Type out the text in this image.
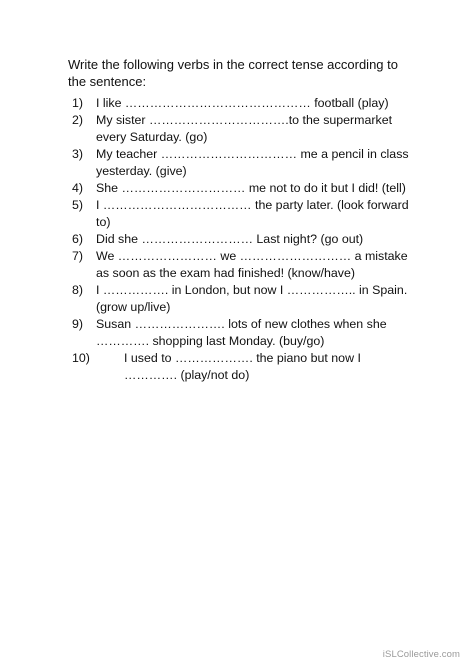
Write the following verbs in the correct tense according to the sentence:

1)	I like ……………………………………… football (play)
2)	My sister …………………………….to the supermarket every Saturday. (go)
3)	My teacher …………………………… me a pencil in class yesterday. (give)
4)	She ………………………… me not to do it but I did! (tell)
5)	I ……………………………… the party later. (look forward to)
6)	Did she ……………………… Last night? (go out)
7)	We …………………… we ……………………… a mistake as soon as the exam had finished! (know/have)
8)	I ……………. in London, but now I …………….. in Spain. (grow up/live)
9)	Susan …………………. lots of new clothes when she …………. shopping last Monday. (buy/go)
10)	I used to ………………. the piano but now I …………. (play/not do)
iSLCollective.com
